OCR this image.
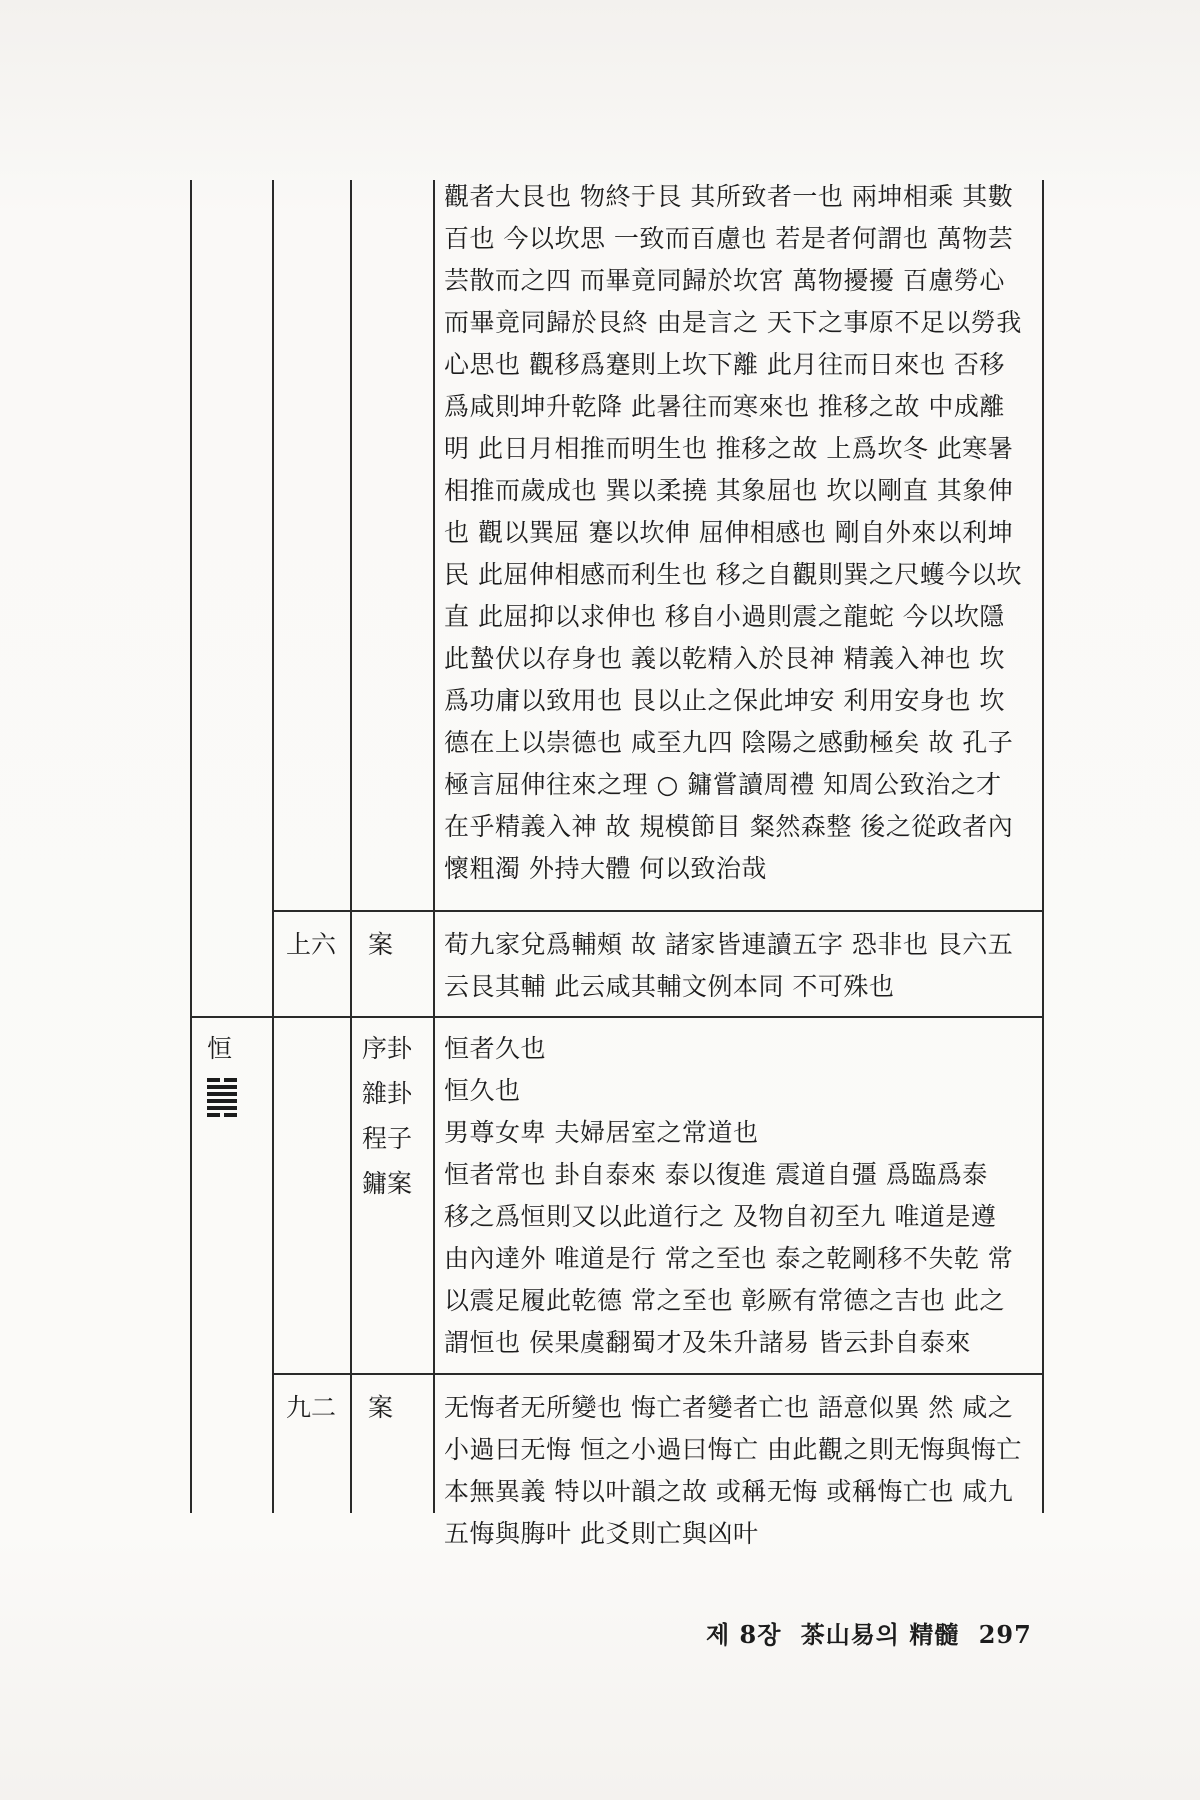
觀者大艮也 物終于艮 其所致者一也 兩坤相乘 其數
百也 今以坎思 一致而百慮也 若是者何謂也 萬物芸
芸散而之四 而畢竟同歸於坎宮 萬物擾擾 百慮勞心
而畢竟同歸於艮終 由是言之 天下之事原不足以勞我
心思也 觀移爲蹇則上坎下離 此月往而日來也 否移
爲咸則坤升乾降 此暑往而寒來也 推移之故 中成離
明 此日月相推而明生也 推移之故 上爲坎冬 此寒暑
相推而歲成也 巽以柔撓 其象屈也 坎以剛直 其象伸
也 觀以巽屈 蹇以坎伸 屈伸相感也 剛自外來以利坤
民 此屈伸相感而利生也 移之自觀則巽之尺蠖今以坎
直 此屈抑以求伸也 移自小過則震之龍蛇 今以坎隱
此蟄伏以存身也 義以乾精入於艮神 精義入神也 坎
爲功庸以致用也 艮以止之保此坤安 利用安身也 坎
德在上以崇德也 咸至九四 陰陽之感動極矣 故 孔子
極言屈伸往來之理 ○ 鏞嘗讀周禮 知周公致治之才
在乎精義入神 故 規模節目 粲然森整 後之從政者內
懷粗濁 外持大體 何以致治哉
上六 案 荀九家兌爲輔頰 故 諸家皆連讀五字 恐非也 艮六五
云艮其輔 此云咸其輔文例本同 不可殊也
恒	序卦
雜卦
程子
鏞案
恒者久也
恒久也
男尊女卑 夫婦居室之常道也
恒者常也 卦自泰來 泰以復進 震道自彊 爲臨爲泰
移之爲恒則又以此道行之 及物自初至九 唯道是遵
由內達外 唯道是行 常之至也 泰之乾剛移不失乾 常
以震足履此乾德 常之至也 彰厥有常德之吉也 此之
謂恒也 侯果虞翻蜀才及朱升諸易 皆云卦自泰來
九二 案 无悔者无所變也 悔亡者變者亡也 語意似異 然 咸之
小過曰无悔 恒之小過曰悔亡 由此觀之則无悔與悔亡
本無異義 特以叶韻之故 或稱无悔 或稱悔亡也 咸九
五悔與脢叶 此爻則亡與凶叶
제 8장 茶山易의 精髓 297
